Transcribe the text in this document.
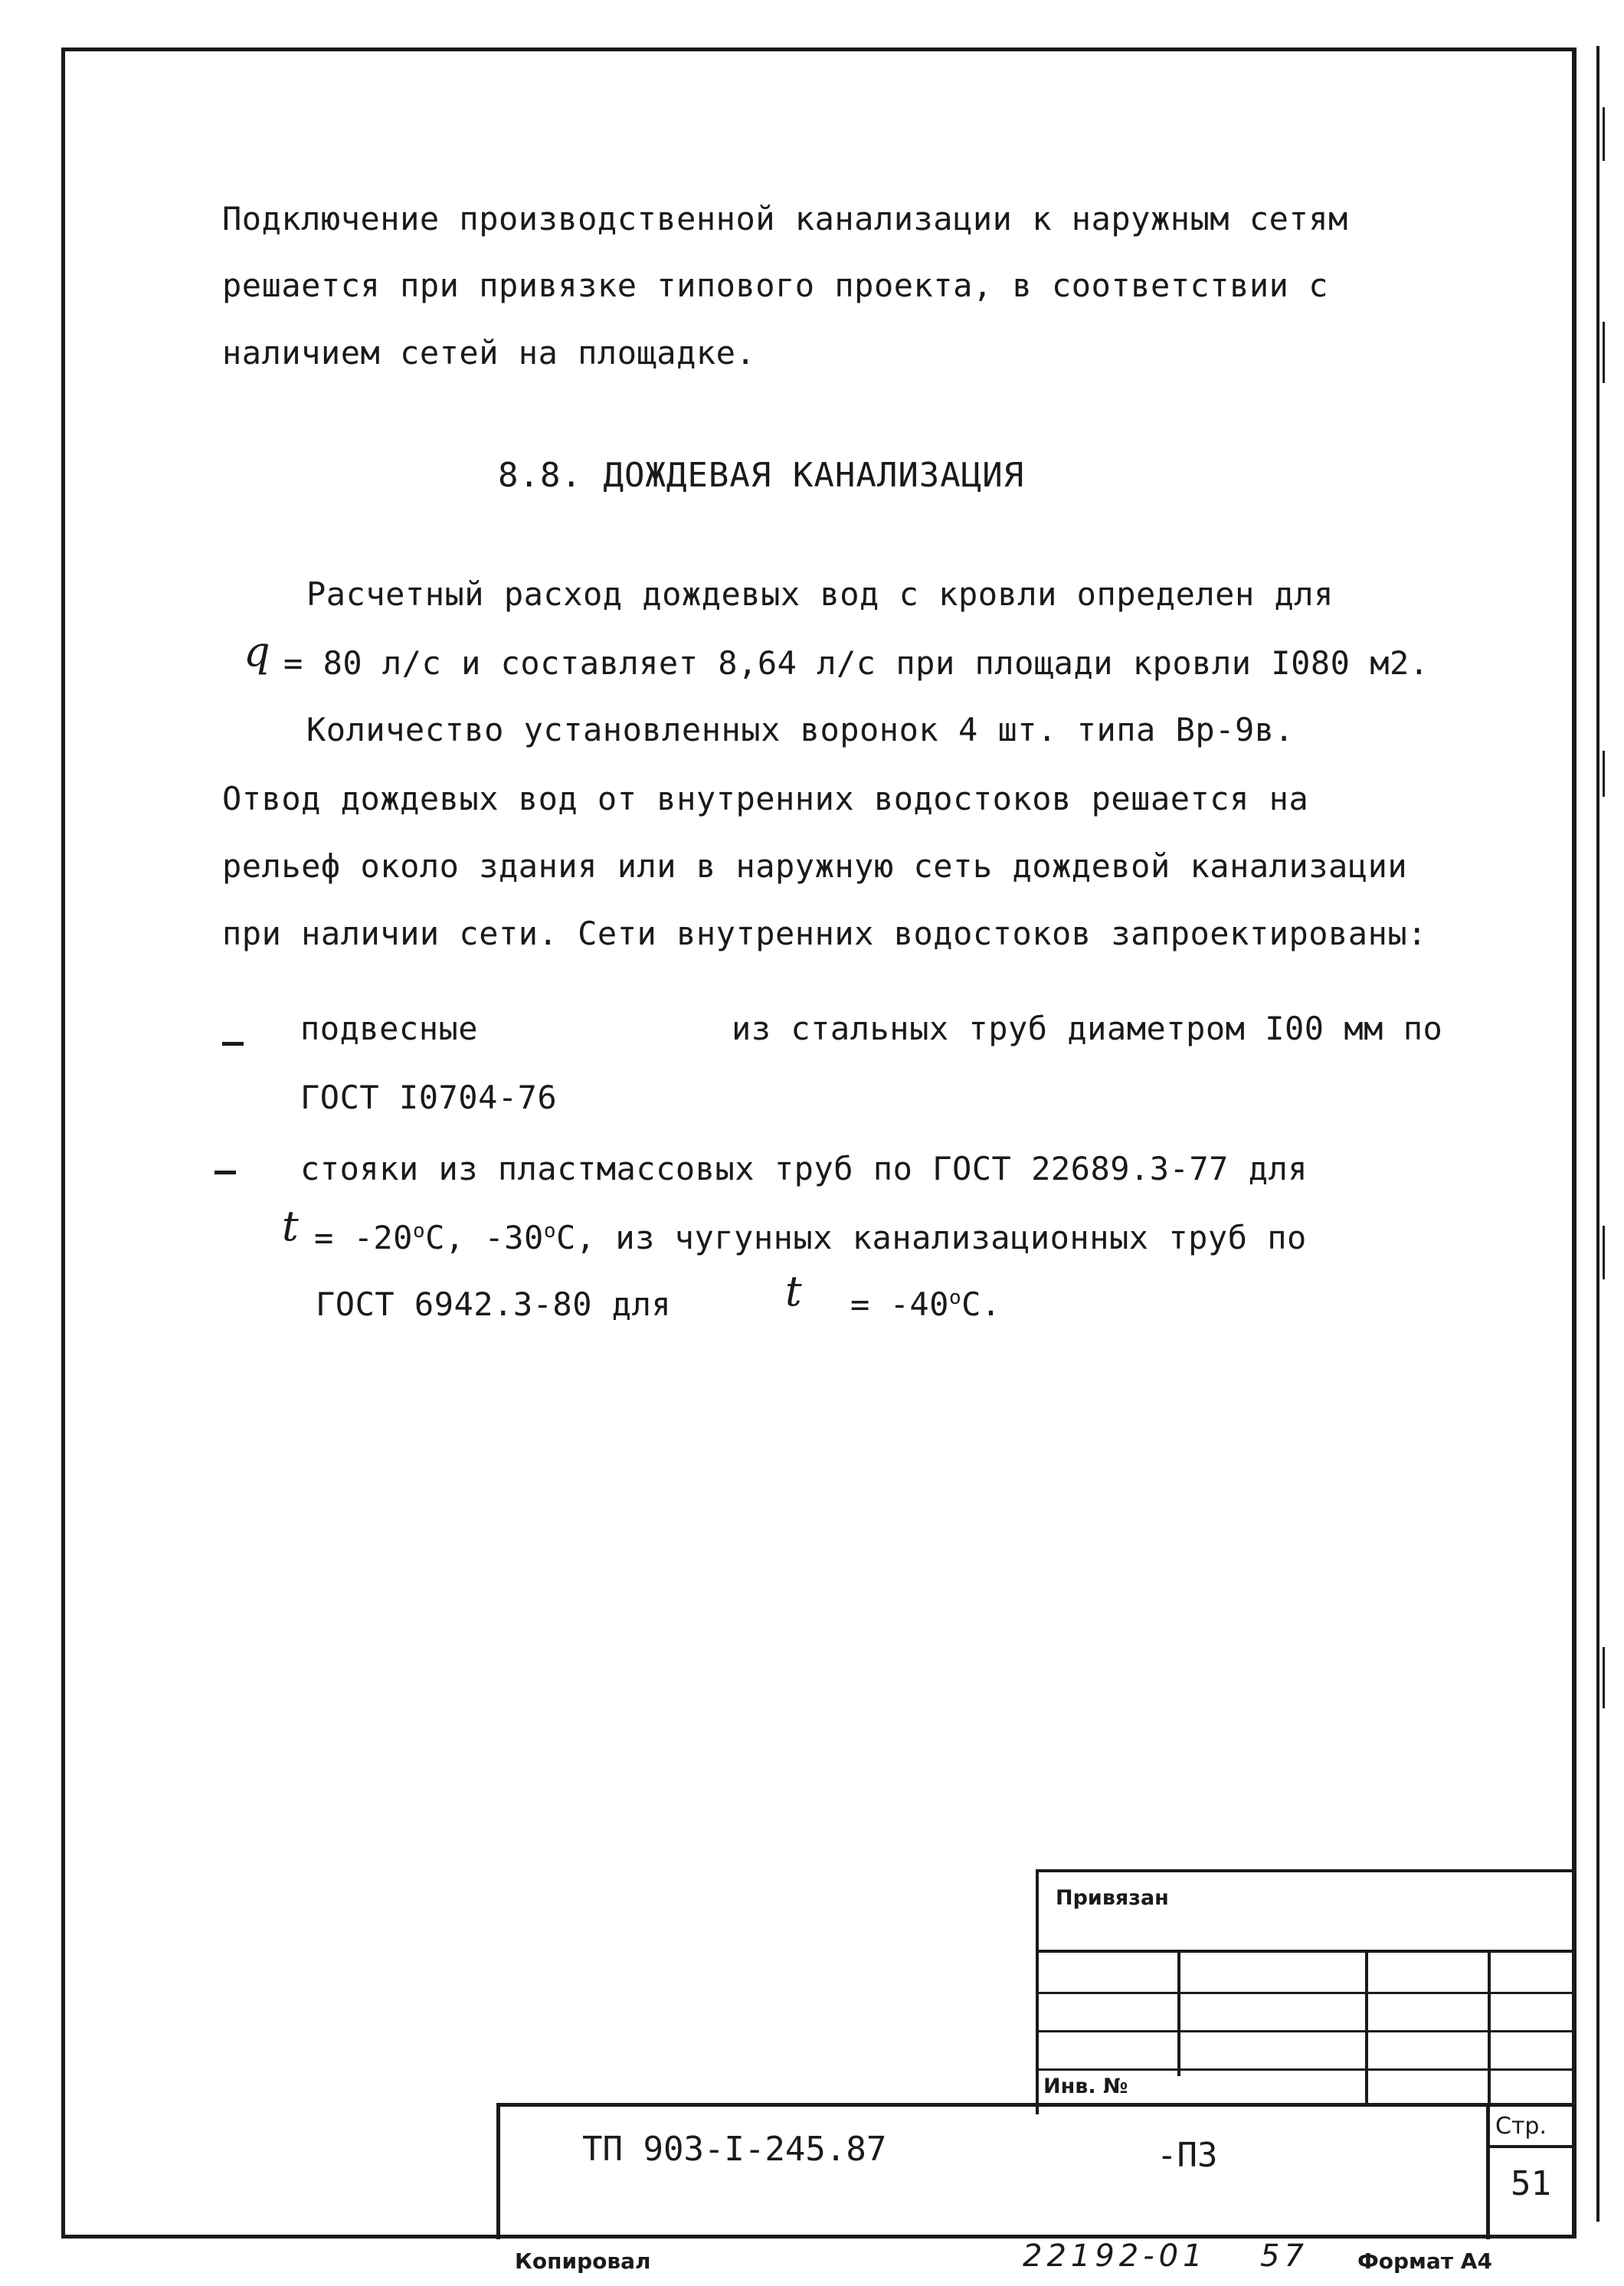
Подключение производственной канализации к наружным сетям
решается при привязке типового проекта, в соответствии с
наличием сетей на площадке.
8.8. ДОЖДЕВАЯ КАНАЛИЗАЦИЯ
Расчетный расход дождевых вод с кровли определен для
q = 80 л/с и составляет 8,64 л/с при площади кровли I080 м2.
Количество установленных воронок 4 шт. типа Вр-9в.
Отвод дождевых вод от внутренних водостоков решается на
рельеф около здания или в наружную сеть дождевой канализации
при наличии сети. Сети внутренних водостоков запроектированы:
подвесные	из стальных труб диаметром I00 мм по
ГОСТ I0704-76
стояки из пластмассовых труб по ГОСТ 22689.3-77 для
$t = -20^oС$, -30$^o$С, из чугунных канализационных труб по
ГОСТ 6942.3-80 для	$t = -40^oС$.
Привязан
Инв. №
ТП 903-I-245.87	-ПЗ
Стр.
51
Копировал	22192-01 57 Формат А4
